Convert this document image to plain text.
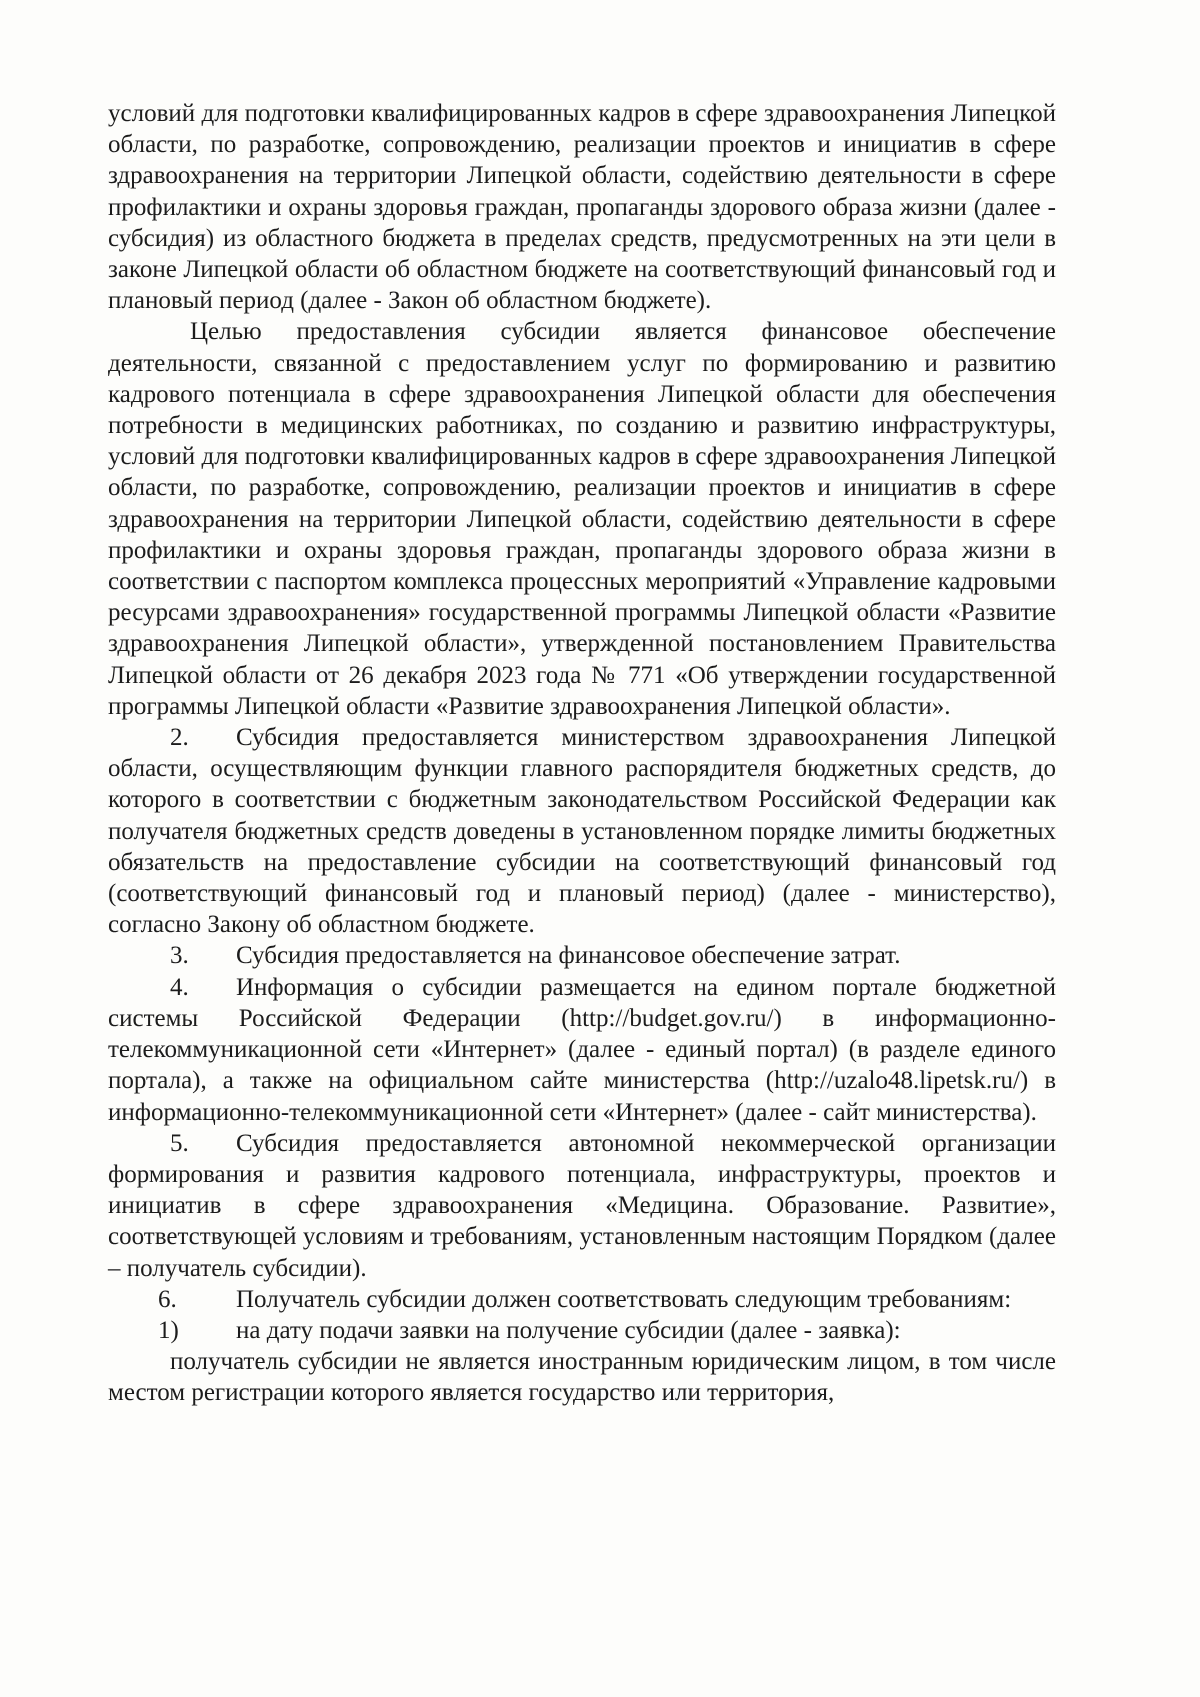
условий для подготовки квалифицированных кадров в сфере здравоохранения Липецкой области, по разработке, сопровождению, реализации проектов и инициатив в сфере здравоохранения на территории Липецкой области, содействию деятельности в сфере профилактики и охраны здоровья граждан, пропаганды здорового образа жизни (далее - субсидия) из областного бюджета в пределах средств, предусмотренных на эти цели в законе Липецкой области об областном бюджете на соответствующий финансовый год и плановый период (далее - Закон об областном бюджете).

Целью предоставления субсидии является финансовое обеспечение деятельности, связанной с предоставлением услуг по формированию и развитию кадрового потенциала в сфере здравоохранения Липецкой области для обеспечения потребности в медицинских работниках, по созданию и развитию инфраструктуры, условий для подготовки квалифицированных кадров в сфере здравоохранения Липецкой области, по разработке, сопровождению, реализации проектов и инициатив в сфере здравоохранения на территории Липецкой области, содействию деятельности в сфере профилактики и охраны здоровья граждан, пропаганды здорового образа жизни в соответствии с паспортом комплекса процессных мероприятий «Управление кадровыми ресурсами здравоохранения» государственной программы Липецкой области «Развитие здравоохранения Липецкой области», утвержденной постановлением Правительства Липецкой области от 26 декабря 2023 года № 771 «Об утверждении государственной программы Липецкой области «Развитие здравоохранения Липецкой области».

2. Субсидия предоставляется министерством здравоохранения Липецкой области, осуществляющим функции главного распорядителя бюджетных средств, до которого в соответствии с бюджетным законодательством Российской Федерации как получателя бюджетных средств доведены в установленном порядке лимиты бюджетных обязательств на предоставление субсидии на соответствующий финансовый год (соответствующий финансовый год и плановый период) (далее - министерство), согласно Закону об областном бюджете.

3. Субсидия предоставляется на финансовое обеспечение затрат.

4. Информация о субсидии размещается на едином портале бюджетной системы Российской Федерации (http://budget.gov.ru/) в информационно-телекоммуникационной сети «Интернет» (далее - единый портал) (в разделе единого портала), а также на официальном сайте министерства (http://uzalo48.lipetsk.ru/) в информационно-телекоммуникационной сети «Интернет» (далее - сайт министерства).

5. Субсидия предоставляется автономной некоммерческой организации формирования и развития кадрового потенциала, инфраструктуры, проектов и инициатив в сфере здравоохранения «Медицина. Образование. Развитие», соответствующей условиям и требованиям, установленным настоящим Порядком (далее – получатель субсидии).

6. Получатель субсидии должен соответствовать следующим требованиям:

1) на дату подачи заявки на получение субсидии (далее - заявка):

получатель субсидии не является иностранным юридическим лицом, в том числе местом регистрации которого является государство или территория,
